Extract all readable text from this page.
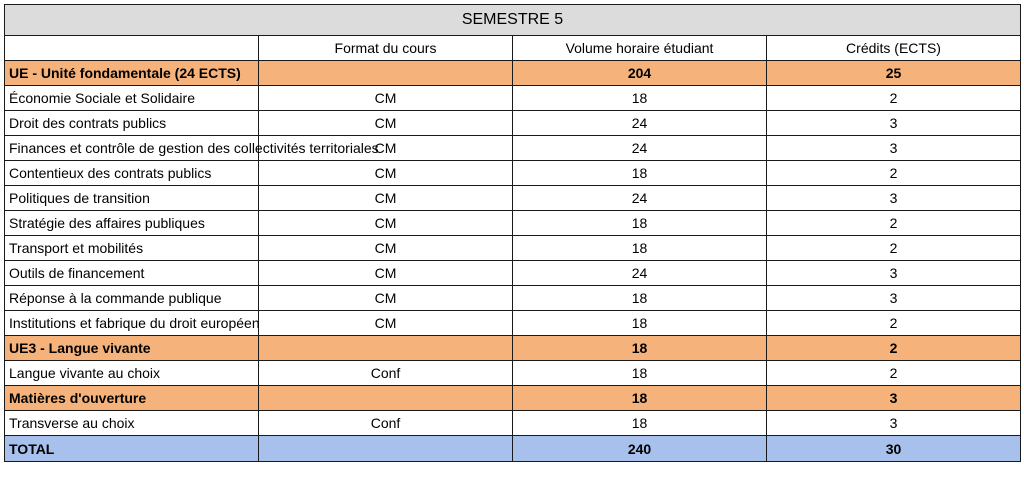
SEMESTRE 5			
	Format du cours	Volume horaire étudiant	Crédits (ECTS)
UE - Unité fondamentale (24 ECTS)		204	25
Économie Sociale et Solidaire	CM	18	2
Droit des contrats publics	CM	24	3
Finances et contrôle de gestion des collectivités territoriales	CM	24	3
Contentieux des contrats publics	CM	18	2
Politiques de transition	CM	24	3
Stratégie des affaires publiques	CM	18	2
Transport et mobilités	CM	18	2
Outils de financement	CM	24	3
Réponse à la commande publique	CM	18	3
Institutions et fabrique du droit européen	CM	18	2
UE3 - Langue vivante		18	2
Langue vivante au choix	Conf	18	2
Matières d'ouverture		18	3
Transverse au choix	Conf	18	3
TOTAL		240	30
